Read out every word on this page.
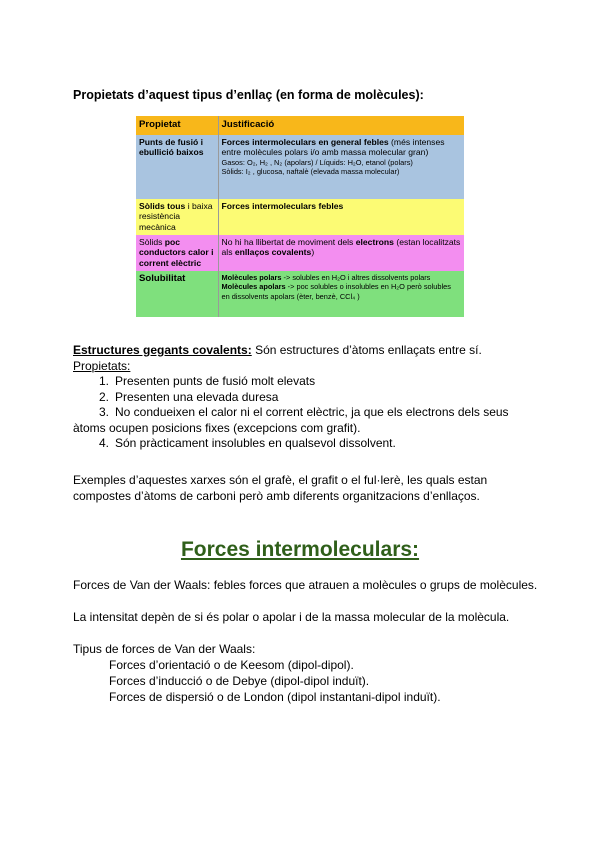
Propietats d’aquest tipus d’enllaç (en forma de molècules):
Propietat	Justificació
Punts de fusió i ebullició baixos	Forces intermoleculars en general febles (més intenses entre molècules polars i/o amb massa molecular gran)
Gasos: O₂, H₂ , N₂ (apolars) / Líquids: H₂O, etanol (polars)
Sòlids: I₂ , glucosa, naftalè (elevada massa molecular)

Sòlids tous i baixa resistència mecànica	Forces intermoleculars febles
Sòlids poc conductors calor i corrent elèctric	No hi ha llibertat de moviment dels electrons (estan localitzats als enllaços covalents)
Solubilitat	Molècules polars -> solubles en H₂O i altres dissolvents polars
Molècules apolars -> poc solubles o insolubles en H₂O però solubles en dissolvents apolars (èter, benzè, CCl₄ )
Estructures gegants covalents: Són estructures d’àtoms enllaçats entre sí.
Propietats:
1. Presenten punts de fusió molt elevats
2. Presenten una elevada duresa
3. No condueixen el calor ni el corrent elèctric, ja que els electrons dels seus
àtoms ocupen posicions fixes (excepcions com grafit).
4. Són pràcticament insolubles en qualsevol dissolvent.
Exemples d’aquestes xarxes són el grafè, el grafit o el ful·lerè, les quals estan compostes d’àtoms de carboni però amb diferents organitzacions d’enllaços.
Forces intermoleculars:
Forces de Van der Waals: febles forces que atrauen a molècules o grups de molècules.
La intensitat depèn de si és polar o apolar i de la massa molecular de la molècula.
Tipus de forces de Van der Waals:
Forces d’orientació o de Keesom (dipol-dipol).
Forces d’inducció o de Debye (dipol-dipol induït).
Forces de dispersió o de London (dipol instantani-dipol induït).
